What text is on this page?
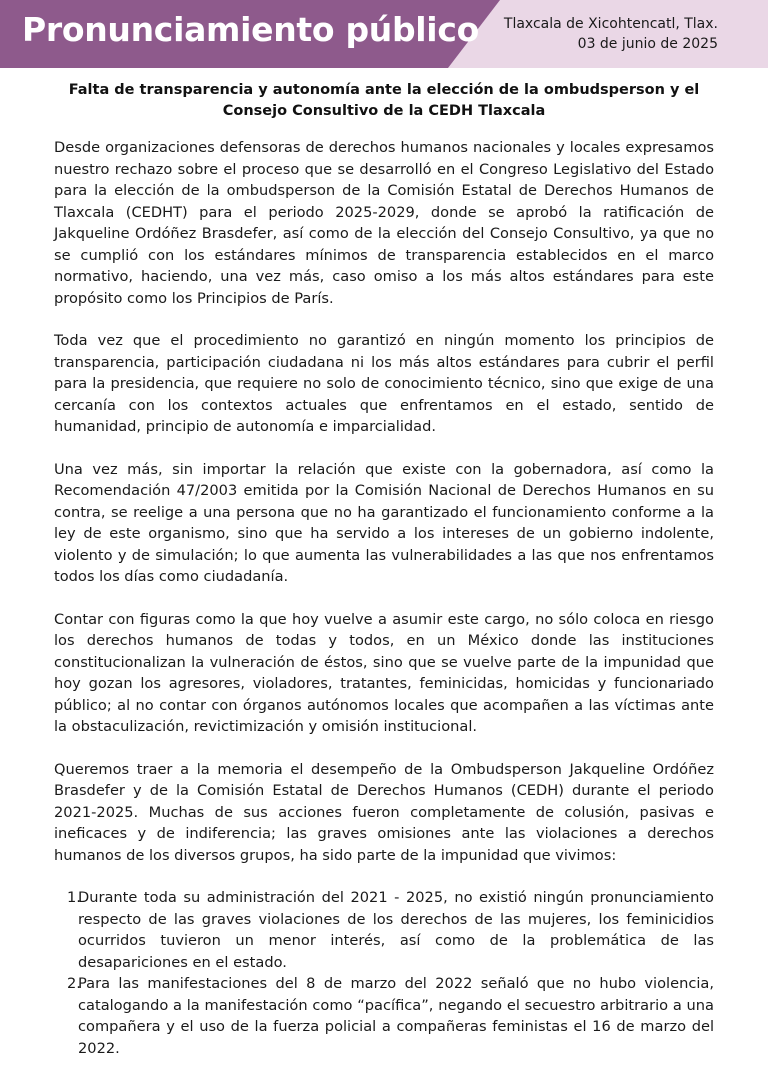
Pronunciamiento público Tlaxcala de Xicohtencatl, Tlax.
03 de junio de 2025
Falta de transparencia y autonomía ante la elección de la ombudsperson y el Consejo Consultivo de la CEDH Tlaxcala

Desde organizaciones defensoras de derechos humanos nacionales y locales expresamos nuestro rechazo sobre el proceso que se desarrolló en el Congreso Legislativo del Estado para la elección de la ombudsperson de la Comisión Estatal de Derechos Humanos de Tlaxcala (CEDHT) para el periodo 2025-2029, donde se aprobó la ratificación de Jakqueline Ordóñez Brasdefer, así como de la elección del Consejo Consultivo, ya que no se cumplió con los estándares mínimos de transparencia establecidos en el marco normativo, haciendo, una vez más, caso omiso a los más altos estándares para este propósito como los Principios de París.

Toda vez que el procedimiento no garantizó en ningún momento los principios de transparencia, participación ciudadana ni los más altos estándares para cubrir el perfil para la presidencia, que requiere no solo de conocimiento técnico, sino que exige de una cercanía con los contextos actuales que enfrentamos en el estado, sentido de humanidad, principio de autonomía e imparcialidad.

Una vez más, sin importar la relación que existe con la gobernadora, así como la Recomendación 47/2003 emitida por la Comisión Nacional de Derechos Humanos en su contra, se reelige a una persona que no ha garantizado el funcionamiento conforme a la ley de este organismo, sino que ha servido a los intereses de un gobierno indolente, violento y de simulación; lo que aumenta las vulnerabilidades a las que nos enfrentamos todos los días como ciudadanía.

Contar con figuras como la que hoy vuelve a asumir este cargo, no sólo coloca en riesgo los derechos humanos de todas y todos, en un México donde las instituciones constitucionalizan la vulneración de éstos, sino que se vuelve parte de la impunidad que hoy gozan los agresores, violadores, tratantes, feminicidas, homicidas y funcionariado público; al no contar con órganos autónomos locales que acompañen a las víctimas ante la obstaculización, revictimización y omisión institucional.

Queremos traer a la memoria el desempeño de la Ombudsperson Jakqueline Ordóñez Brasdefer y de la Comisión Estatal de Derechos Humanos (CEDH) durante el periodo 2021-2025. Muchas de sus acciones fueron completamente de colusión, pasivas e ineficaces y de indiferencia; las graves omisiones ante las violaciones a derechos humanos de los diversos grupos, ha sido parte de la impunidad que vivimos:

1.
Durante toda su administración del 2021 - 2025, no existió ningún pronunciamiento respecto de las graves violaciones de los derechos de las mujeres, los feminicidios ocurridos tuvieron un menor interés, así como de la problemática de las desapariciones en el estado.
2.
Para las manifestaciones del 8 de marzo del 2022 señaló que no hubo violencia, catalogando a la manifestación como “pacífica”, negando el secuestro arbitrario a una compañera y el uso de la fuerza policial a compañeras feministas el 16 de marzo del 2022.
